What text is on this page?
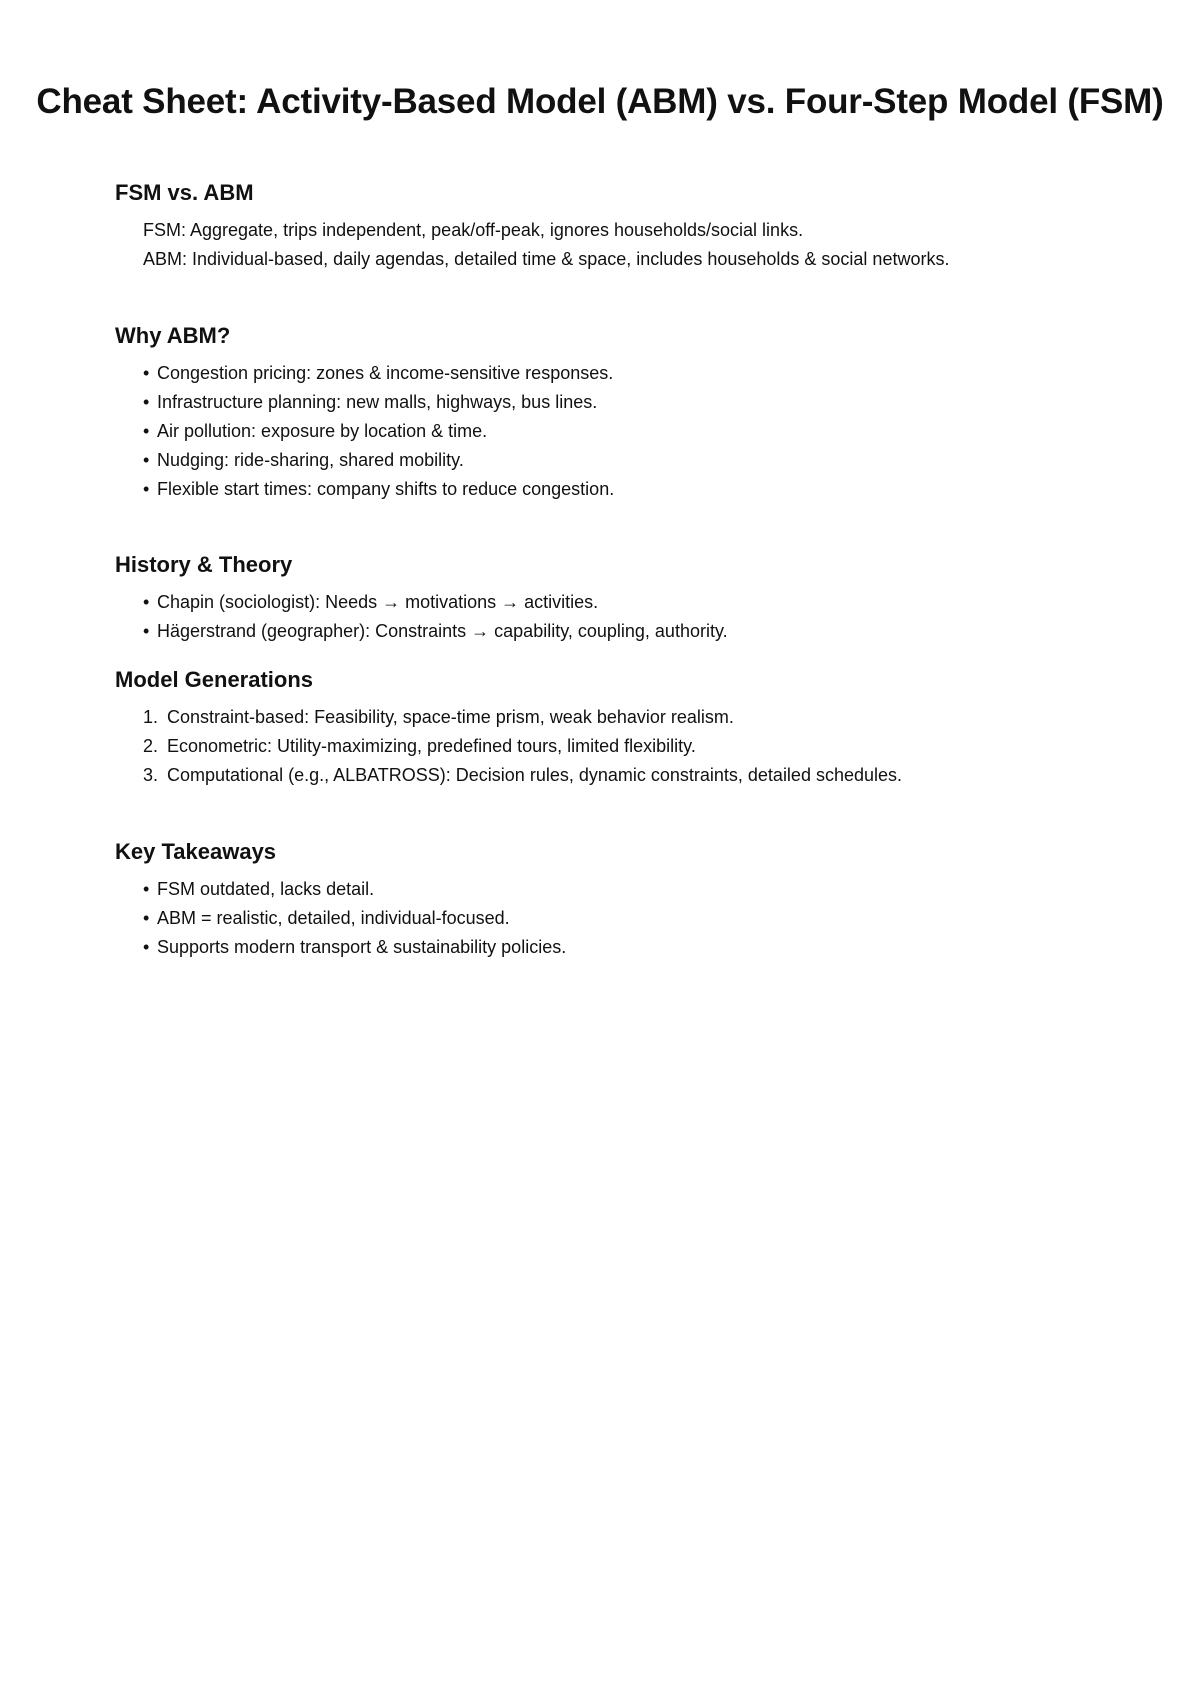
Cheat Sheet: Activity-Based Model (ABM) vs. Four-Step Model (FSM)
FSM vs. ABM
FSM: Aggregate, trips independent, peak/off-peak, ignores households/social links.
ABM: Individual-based, daily agendas, detailed time & space, includes households & social networks.
Why ABM?
• Congestion pricing: zones & income-sensitive responses.
• Infrastructure planning: new malls, highways, bus lines.
• Air pollution: exposure by location & time.
• Nudging: ride-sharing, shared mobility.
• Flexible start times: company shifts to reduce congestion.
History & Theory
• Chapin (sociologist): Needs → motivations → activities.
• Hägerstrand (geographer): Constraints → capability, coupling, authority.
Model Generations
1. Constraint-based: Feasibility, space-time prism, weak behavior realism.
2. Econometric: Utility-maximizing, predefined tours, limited flexibility.
3. Computational (e.g., ALBATROSS): Decision rules, dynamic constraints, detailed schedules.
Key Takeaways
• FSM outdated, lacks detail.
• ABM = realistic, detailed, individual-focused.
• Supports modern transport & sustainability policies.
